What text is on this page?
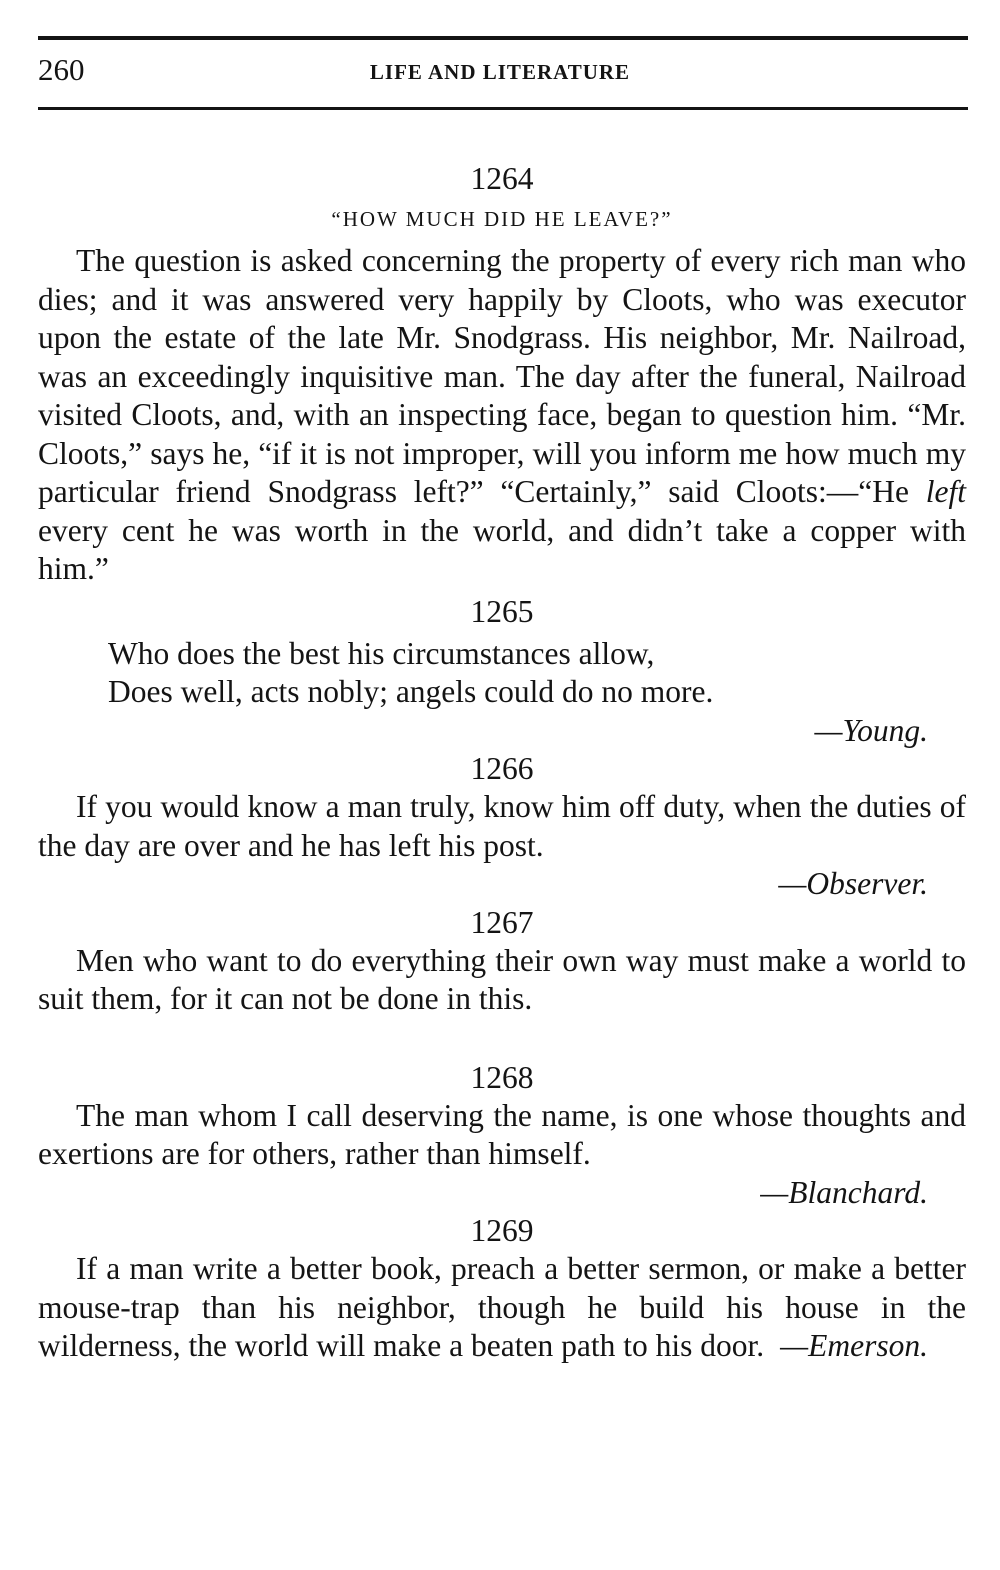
260	LIFE AND LITERATURE

1264

“HOW MUCH DID HE LEAVE?”

The question is asked concerning the property of every rich man who dies; and it was answered very happily by Cloots, who was executor upon the estate of the late Mr. Snodgrass. His neighbor, Mr. Nailroad, was an exceedingly inquisitive man. The day after the funeral, Nailroad visited Cloots, and, with an inspecting face, began to question him. “Mr. Cloots,” says he, “if it is not improper, will you inform me how much my particular friend Snodgrass left?” “Certainly,” said Cloots:—“He left every cent he was worth in the world, and didn’t take a copper with him.”

1265

Who does the best his circumstances allow,
Does well, acts nobly; angels could do no more.

—Young.

1266

If you would know a man truly, know him off duty, when the duties of the day are over and he has left his post.

—Observer.

1267

Men who want to do everything their own way must make a world to suit them, for it can not be done in this.

1268

The man whom I call deserving the name, is one whose thoughts and exertions are for others, rather than himself.

—Blanchard.

1269

If a man write a better book, preach a better sermon, or make a better mouse-trap than his neighbor, though he build his house in the wilderness, the world will make a beaten path to his door. —Emerson.
